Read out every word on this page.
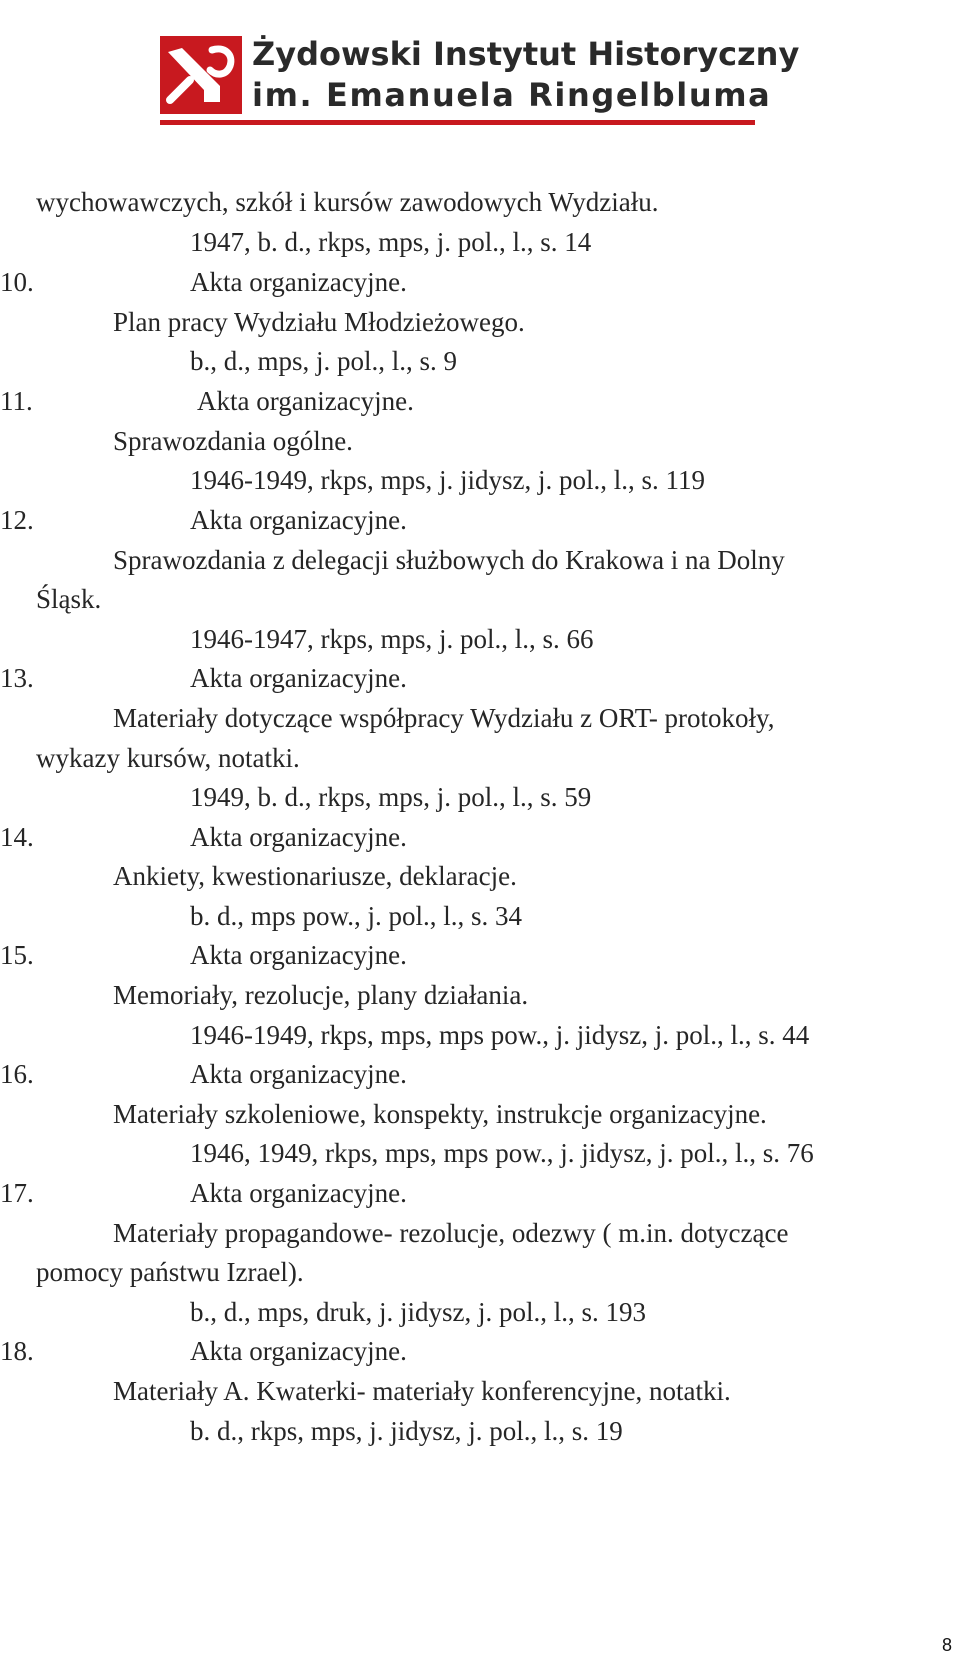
Żydowski Instytut Historyczny
im. Emanuela Ringelbluma
wychowawczych, szkół i kursów zawodowych Wydziału.
1947, b. d., rkps, mps, j. pol., l., s. 14
10.	Akta organizacyjne.
Plan pracy Wydziału Młodzieżowego.
b., d., mps, j. pol., l., s. 9
11.	Akta organizacyjne.
Sprawozdania ogólne.
1946-1949, rkps, mps, j. jidysz, j. pol., l., s. 119
12.	Akta organizacyjne.
Sprawozdania z delegacji służbowych do Krakowa i na Dolny
Śląsk.
1946-1947, rkps, mps, j. pol., l., s. 66
13.	Akta organizacyjne.
Materiały dotyczące współpracy Wydziału z ORT- protokoły,
wykazy kursów, notatki.
1949, b. d., rkps, mps, j. pol., l., s. 59
14.	Akta organizacyjne.
Ankiety, kwestionariusze, deklaracje.
b. d., mps pow., j. pol., l., s. 34
15.	Akta organizacyjne.
Memoriały, rezolucje, plany działania.
1946-1949, rkps, mps, mps pow., j. jidysz, j. pol., l., s. 44
16.	Akta organizacyjne.
Materiały szkoleniowe, konspekty, instrukcje organizacyjne.
1946, 1949, rkps, mps, mps pow., j. jidysz, j. pol., l., s. 76
17.	Akta organizacyjne.
Materiały propagandowe- rezolucje, odezwy ( m.in. dotyczące
pomocy państwu Izrael).
b., d., mps, druk, j. jidysz, j. pol., l., s. 193
18.	Akta organizacyjne.
Materiały A. Kwaterki- materiały konferencyjne, notatki.
b. d., rkps, mps, j. jidysz, j. pol., l., s. 19
8
